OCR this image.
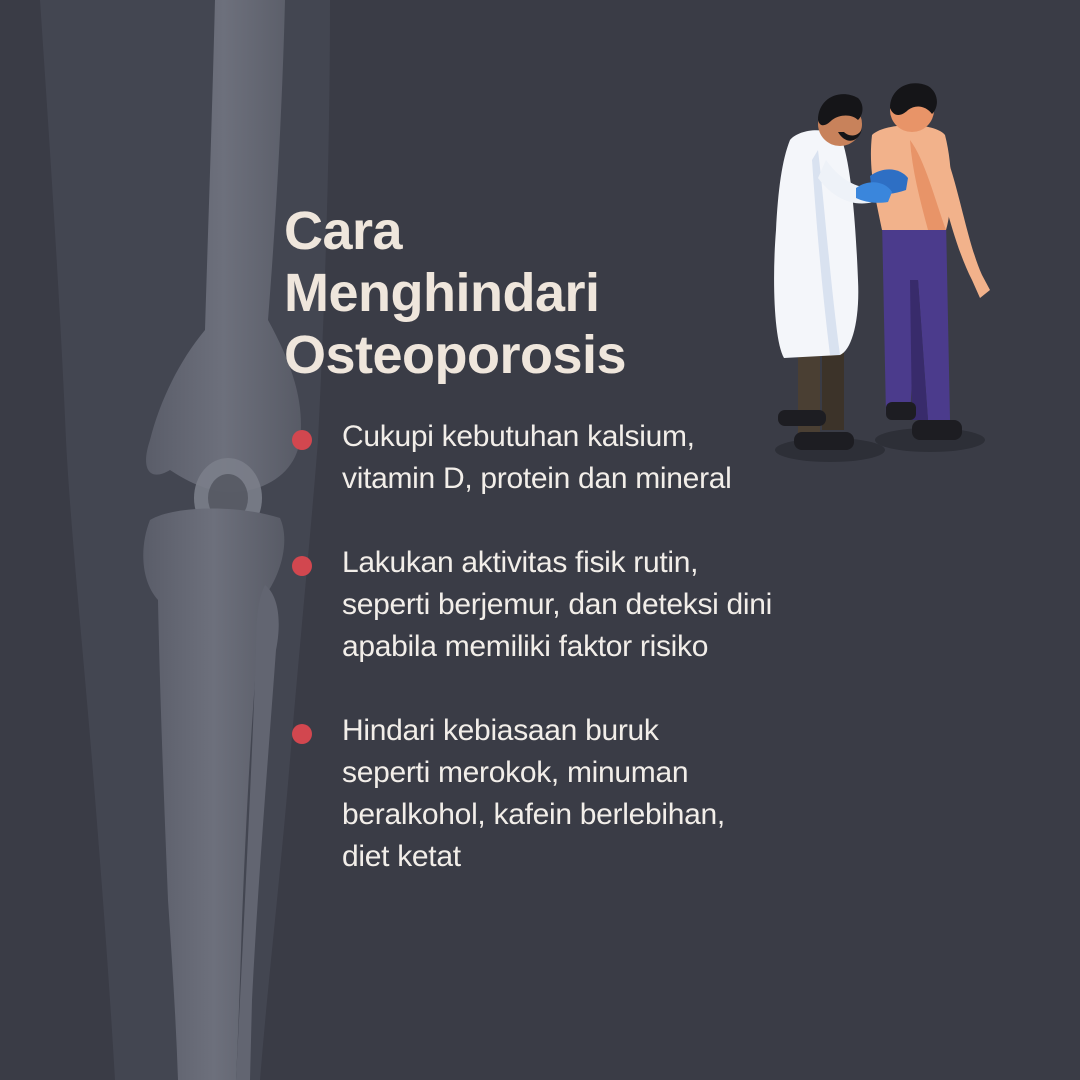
Cara
Menghindari
Osteoporosis
Cukupi kebutuhan kalsium,
vitamin D, protein dan mineral
Lakukan aktivitas fisik rutin,
seperti berjemur, dan deteksi dini
apabila memiliki faktor risiko
Hindari kebiasaan buruk
seperti merokok, minuman
beralkohol, kafein berlebihan,
diet ketat
